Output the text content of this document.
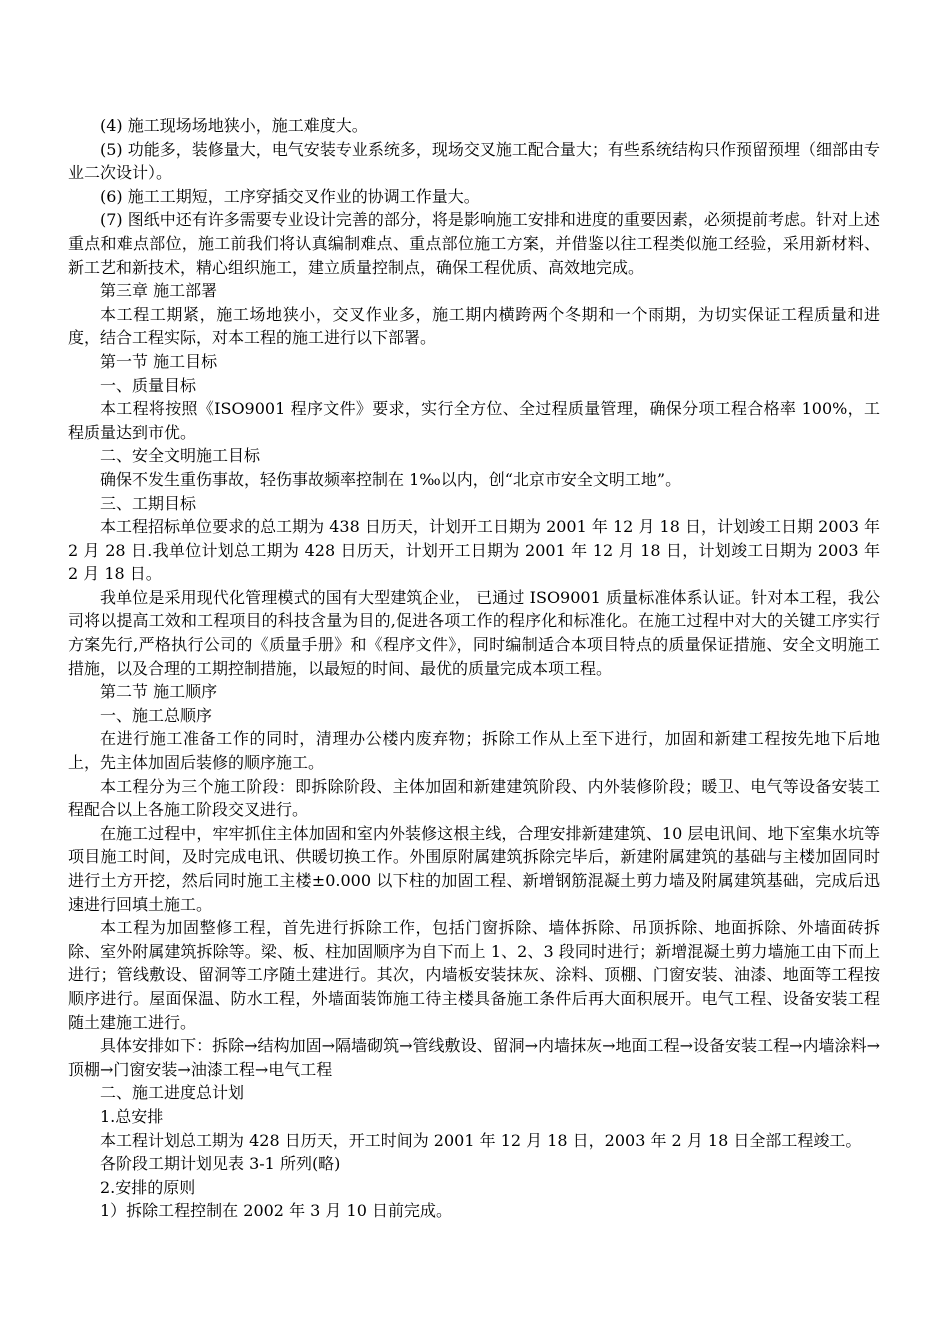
(4) 施工现场场地狭小，施工难度大。

(5) 功能多，装修量大，电气安装专业系统多，现场交叉施工配合量大；有些系统结构只作预留预埋（细部由专业二次设计）。

(6) 施工工期短，工序穿插交叉作业的协调工作量大。

(7) 图纸中还有许多需要专业设计完善的部分，将是影响施工安排和进度的重要因素，必须提前考虑。针对上述重点和难点部位，施工前我们将认真编制难点、重点部位施工方案，并借鉴以往工程类似施工经验，采用新材料、新工艺和新技术，精心组织施工，建立质量控制点，确保工程优质、高效地完成。

第三章 施工部署

本工程工期紧，施工场地狭小，交叉作业多，施工期内横跨两个冬期和一个雨期，为切实保证工程质量和进度，结合工程实际，对本工程的施工进行以下部署。

第一节 施工目标

一、质量目标

本工程将按照《ISO9001 程序文件》要求，实行全方位、全过程质量管理，确保分项工程合格率 100%，工程质量达到市优。

二、安全文明施工目标

确保不发生重伤事故，轻伤事故频率控制在 1‰以内，创“北京市安全文明工地”。

三、工期目标

本工程招标单位要求的总工期为 438 日历天，计划开工日期为 2001 年 12 月 18 日，计划竣工日期 2003 年 2 月 28 日.我单位计划总工期为 428 日历天，计划开工日期为 2001 年 12 月 18 日，计划竣工日期为 2003 年 2 月 18 日。

我单位是采用现代化管理模式的国有大型建筑企业， 已通过 ISO9001 质量标准体系认证。针对本工程，我公司将以提高工效和工程项目的科技含量为目的,促进各项工作的程序化和标准化。在施工过程中对大的关键工序实行方案先行,严格执行公司的《质量手册》和《程序文件》，同时编制适合本项目特点的质量保证措施、安全文明施工措施，以及合理的工期控制措施，以最短的时间、最优的质量完成本项工程。

第二节 施工顺序

一、施工总顺序

在进行施工准备工作的同时，清理办公楼内废弃物；拆除工作从上至下进行，加固和新建工程按先地下后地上，先主体加固后装修的顺序施工。

本工程分为三个施工阶段：即拆除阶段、主体加固和新建建筑阶段、内外装修阶段；暖卫、电气等设备安装工程配合以上各施工阶段交叉进行。

在施工过程中，牢牢抓住主体加固和室内外装修这根主线，合理安排新建建筑、10 层电讯间、地下室集水坑等项目施工时间，及时完成电讯、供暖切换工作。外围原附属建筑拆除完毕后，新建附属建筑的基础与主楼加固同时进行土方开挖，然后同时施工主楼±0.000 以下柱的加固工程、新增钢筋混凝土剪力墙及附属建筑基础，完成后迅速进行回填土施工。

本工程为加固整修工程，首先进行拆除工作，包括门窗拆除、墙体拆除、吊顶拆除、地面拆除、外墙面砖拆除、室外附属建筑拆除等。梁、板、柱加固顺序为自下而上 1、2、3 段同时进行；新增混凝土剪力墙施工由下而上进行；管线敷设、留洞等工序随土建进行。其次，内墙板安装抹灰、涂料、顶棚、门窗安装、油漆、地面等工程按顺序进行。屋面保温、防水工程，外墙面装饰施工待主楼具备施工条件后再大面积展开。电气工程、设备安装工程随土建施工进行。

具体安排如下：拆除→结构加固→隔墙砌筑→管线敷设、留洞→内墙抹灰→地面工程→设备安装工程→内墙涂料→顶棚→门窗安装→油漆工程→电气工程

二、施工进度总计划

1.总安排

本工程计划总工期为 428 日历天，开工时间为 2001 年 12 月 18 日，2003 年 2 月 18 日全部工程竣工。

各阶段工期计划见表 3-1 所列(略)

2.安排的原则

1）拆除工程控制在 2002 年 3 月 10 日前完成。
